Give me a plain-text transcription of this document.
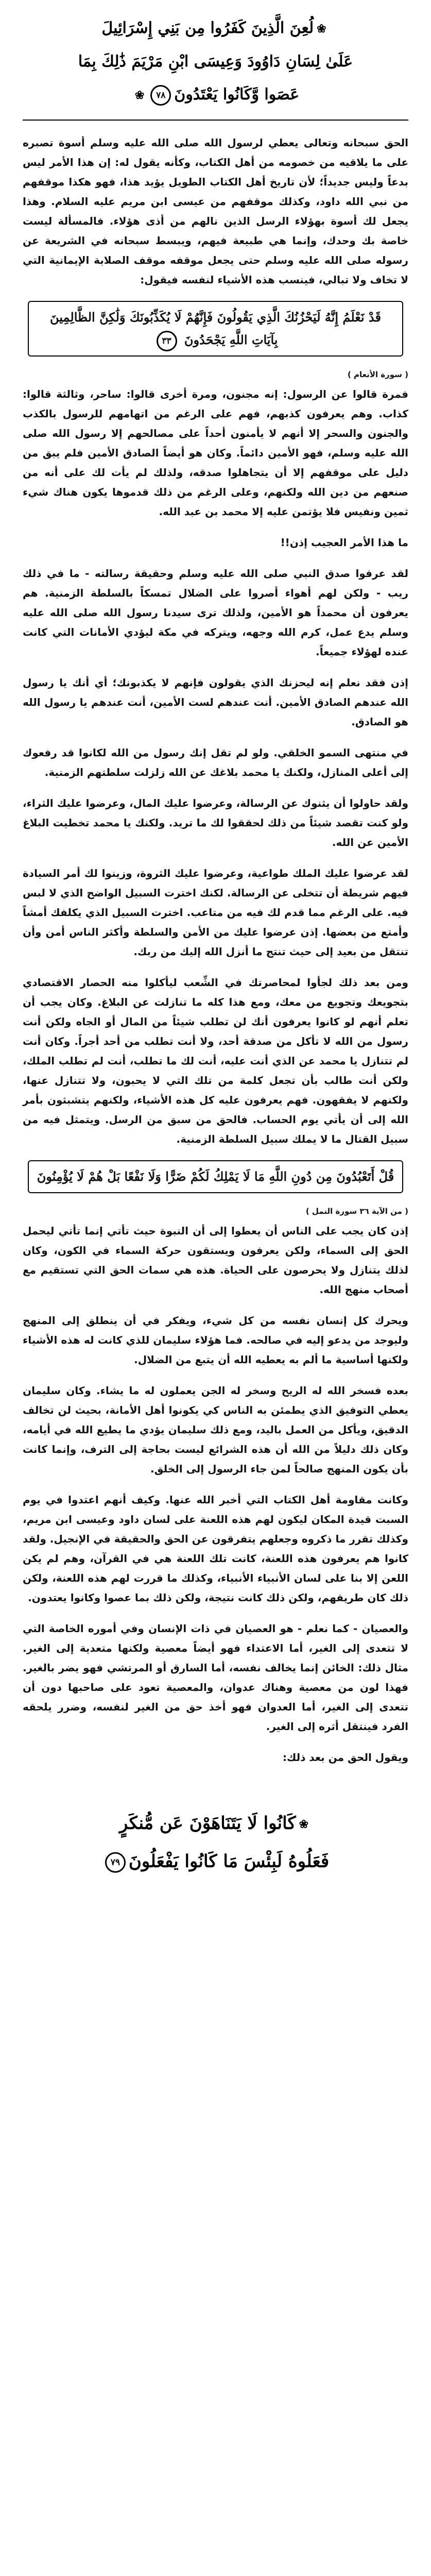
❀لُعِنَ الَّذِينَ كَفَرُوا مِن بَنِي إِسْرَائِيلَ
عَلَىٰ لِسَانِ دَاوُودَ وَعِيسَى ابْنِ مَرْيَمَ ذَٰلِكَ بِمَا
عَصَوا وَّكَانُوا يَعْتَدُونَ٧٨❀

الحق سبحانه وتعالى يعطي لرسول الله صلى الله عليه وسلم أسوة تصبره على ما يلاقيه من خصومه من أهل الكتاب، وكأنه يقول له: إن هذا الأمر ليس بدعاً وليس جديداً؛ لأن تاريخ أهل الكتاب الطويل يؤيد هذا، فهو هكذا موقفهم من نبي الله داود، وكذلك موقفهم من عيسى ابن مريم عليه السلام. وهذا يجعل لك أسوة بهؤلاء الرسل الذين نالهم من أذى هؤلاء. فالمسألة ليست خاصة بك وحدك، وإنما هي طبيعة فيهم، ويبسط سبحانه في الشريعة عن رسوله صلى الله عليه وسلم حتى يجعل موقفه موقف الصلابة الإيمانية التي لا تخاف ولا تبالي، فينسب هذه الأشياء لنفسه فيقول:

قَدْ نَعْلَمُ إِنَّهُ لَيَحْزُنُكَ الَّذِي يَقُولُونَ فَإِنَّهُمْ لَا يُكَذِّبُونَكَ وَلَٰكِنَّ الظَّالِمِينَ بِآيَاتِ اللَّهِ يَجْحَدُونَ ٣٣
( سورة الأنعام )

فمرة قالوا عن الرسول: إنه مجنون، ومرة أخرى قالوا: ساحر، وثالثة قالوا: كذاب. وهم يعرفون كذبهم، فهم على الرغم من اتهامهم للرسول بالكذب والجنون والسحر إلا أنهم لا يأمنون أحداً على مصالحهم إلا رسول الله صلى الله عليه وسلم، فهو الأمين دائماً. وكان هو أيضاً الصادق الأمين فلم يبق من دليل على موقفهم إلا أن يتجاهلوا صدقه، ولذلك لم يأت لك على أنه من صنعهم من دين الله ولكنهم، وعلى الرغم من ذلك قدموها يكون هناك شيء ثمين ونفيس فلا يؤتمن عليه إلا محمد بن عبد الله.

ما هذا الأمر العجيب إذن!!

لقد عرفوا صدق النبي صلى الله عليه وسلم وحقيقة رسالته - ما في ذلك ريب - ولكن لهم أهواء أصروا على الضلال تمسكاً بالسلطة الزمنية. هم يعرفون أن محمداً هو الأمين، ولذلك ترى سيدنا رسول الله صلى الله عليه وسلم يدع عمل، كرم الله وجهه، ويتركه في مكة ليؤدي الأمانات التي كانت عنده لهؤلاء جميعاً.

إذن فقد نعلم إنه ليحزنك الذي يقولون فإنهم لا يكذبونك؛ أي أنك يا رسول الله عندهم الصادق الأمين. أنت عندهم لست الأمين، أنت عندهم يا رسول الله هو الصادق.

في منتهى السمو الخلقي. ولو لم تقل إنك رسول من الله لكانوا قد رفعوك إلى أعلى المنازل، ولكنك يا محمد بلاغك عن الله زلزلت سلطتهم الزمنية.

ولقد حاولوا أن يثنوك عن الرسالة، وعرضوا عليك المال، وعرضوا عليك الثراء، ولو كنت تقصد شيئاً من ذلك لحققوا لك ما تريد. ولكنك يا محمد تخطيت البلاغ الأمين عن الله.

لقد عرضوا عليك الملك طواعية، وعرضوا عليك الثروة، وزينوا لك أمر السيادة فيهم شريطة أن تتخلى عن الرسالة. لكنك اخترت السبيل الواضح الذي لا لبس فيه. على الرغم مما قدم لك فيه من متاعب. اخترت السبيل الذي يكلفك أمشاً وأمتع من بعضها. إذن عرضوا عليك من الأمن والسلطة وأكثر الناس أمن وأن تنتقل من بعيد إلى حيث تنتج ما أنزل الله إليك من ربك.

ومن بعد ذلك لجأوا لمحاصرتك في الشِّعب ليأكلوا منه الحصار الاقتصادي بتجويعك وتجويع من معك، ومع هذا كله ما تنازلت عن البلاغ. وكان يجب أن تعلم أنهم لو كانوا يعرفون أنك لن تطلب شيئاً من المال أو الجاه ولكن أنت رسول من الله لا تأكل من صدقة أحد، ولا أنت تطلب من أحد أجراً. وكان أنت لم تتنازل يا محمد عن الذي أنت عليه، أنت لك ما تطلب، أنت لم تطلب الملك، ولكن أنت طالب بأن تجعل كلمة من تلك التي لا يحبون، ولا تتنازل عنها، ولكنهم لا يفقهون. فهم يعرفون عليه كل هذه الأشياء، ولكنهم يتشبثون بأمر الله إلى أن يأتي يوم الحساب. فالحق من سبق من الرسل. ويتمثل فيه من سبيل القتال ما لا يملك سبيل السلطة الزمنية.

قُلْ أَتَعْبُدُونَ مِن دُونِ اللَّهِ مَا لَا يَمْلِكُ لَكُمْ ضَرًّا وَلَا نَفْعًا بَلْ هُمْ لَا يُؤْمِنُونَ
( من الآية ٣٦ سورة النمل )

إذن كان يجب على الناس أن يعطوا إلى أن النبوة حيث تأتي إنما تأتي ليحمل الحق إلى السماء، ولكن يعرفون ويستقون حركة السماء في الكون، وكان لذلك يتنازل ولا يحرصون على الحياة. هذه هي سمات الحق التي تستقيم مع أصحاب منهج الله.

ويحرك كل إنسان نفسه من كل شيء، ويفكر في أن ينطلق إلى المنهج وليوجد من يدعو إليه في صالحه. فما هؤلاء سليمان للذي كانت له هذه الأشياء ولكنها أساسية ما ألم به يعطيه الله أن يتبع من الضلال.

بعده فسخر الله له الريح وسخر له الجن يعملون له ما يشاء. وكان سليمان يعطي التوفيق الذي يطمئن به الناس كي يكونوا أهل الأمانة، بحيث لن تخالف الدقيق، ويأكل من العمل باليد، ومع ذلك سليمان يؤدي ما يطيع الله في أيامه، وكان ذلك دليلاً من الله أن هذه الشرائع ليست بحاجة إلى الترف، وإنما كانت بأن يكون المنهج صالحاً لمن جاء الرسول إلى الخلق.

وكانت مقاومة أهل الكتاب التي أخبر الله عنها. وكيف أنهم اعتدوا في يوم السبت قيدة المكان ليكون لهم هذه اللعنة على لسان داود وعيسى ابن مريم، وكذلك تقرر ما ذكروه وجعلهم يتفرقون عن الحق والحقيقة في الإنجيل. ولقد كانوا هم يعرفون هذه اللعنة، كانت تلك اللعنة هي في القرآن، وهم لم يكن اللعن إلا بنا على لسان الأنبياء الأنبياء، وكذلك ما قررت لهم هذه اللعنة، ولكن ذلك كان طريقهم، ولكن ذلك كانت نتيجة، ولكن ذلك بما عصوا وكانوا يعتدون.

والعصيان - كما نعلم - هو العصيان في ذات الإنسان وفي أموره الخاصة التي لا تتعدى إلى الغير، أما الاعتداء فهو أيضاً معصية ولكنها متعدية إلى الغير. مثال ذلك: الخائن إنما يخالف نفسه، أما السارق أو المرتشي فهو يضر بالغير. فهذا لون من معصية وهناك عدوان، والمعصية تعود على صاحبها دون أن تتعدى إلى الغير، أما العدوان فهو أخذ حق من الغير لنفسه، وضرر يلحقه الفرد فينتقل أثره إلى الغير.

ويقول الحق من بعد ذلك:

❀كَانُوا لَا يَتَنَاهَوْنَ عَن مُّنكَرٍ
فَعَلُوهُ لَبِئْسَ مَا كَانُوا يَفْعَلُونَ٧٩
